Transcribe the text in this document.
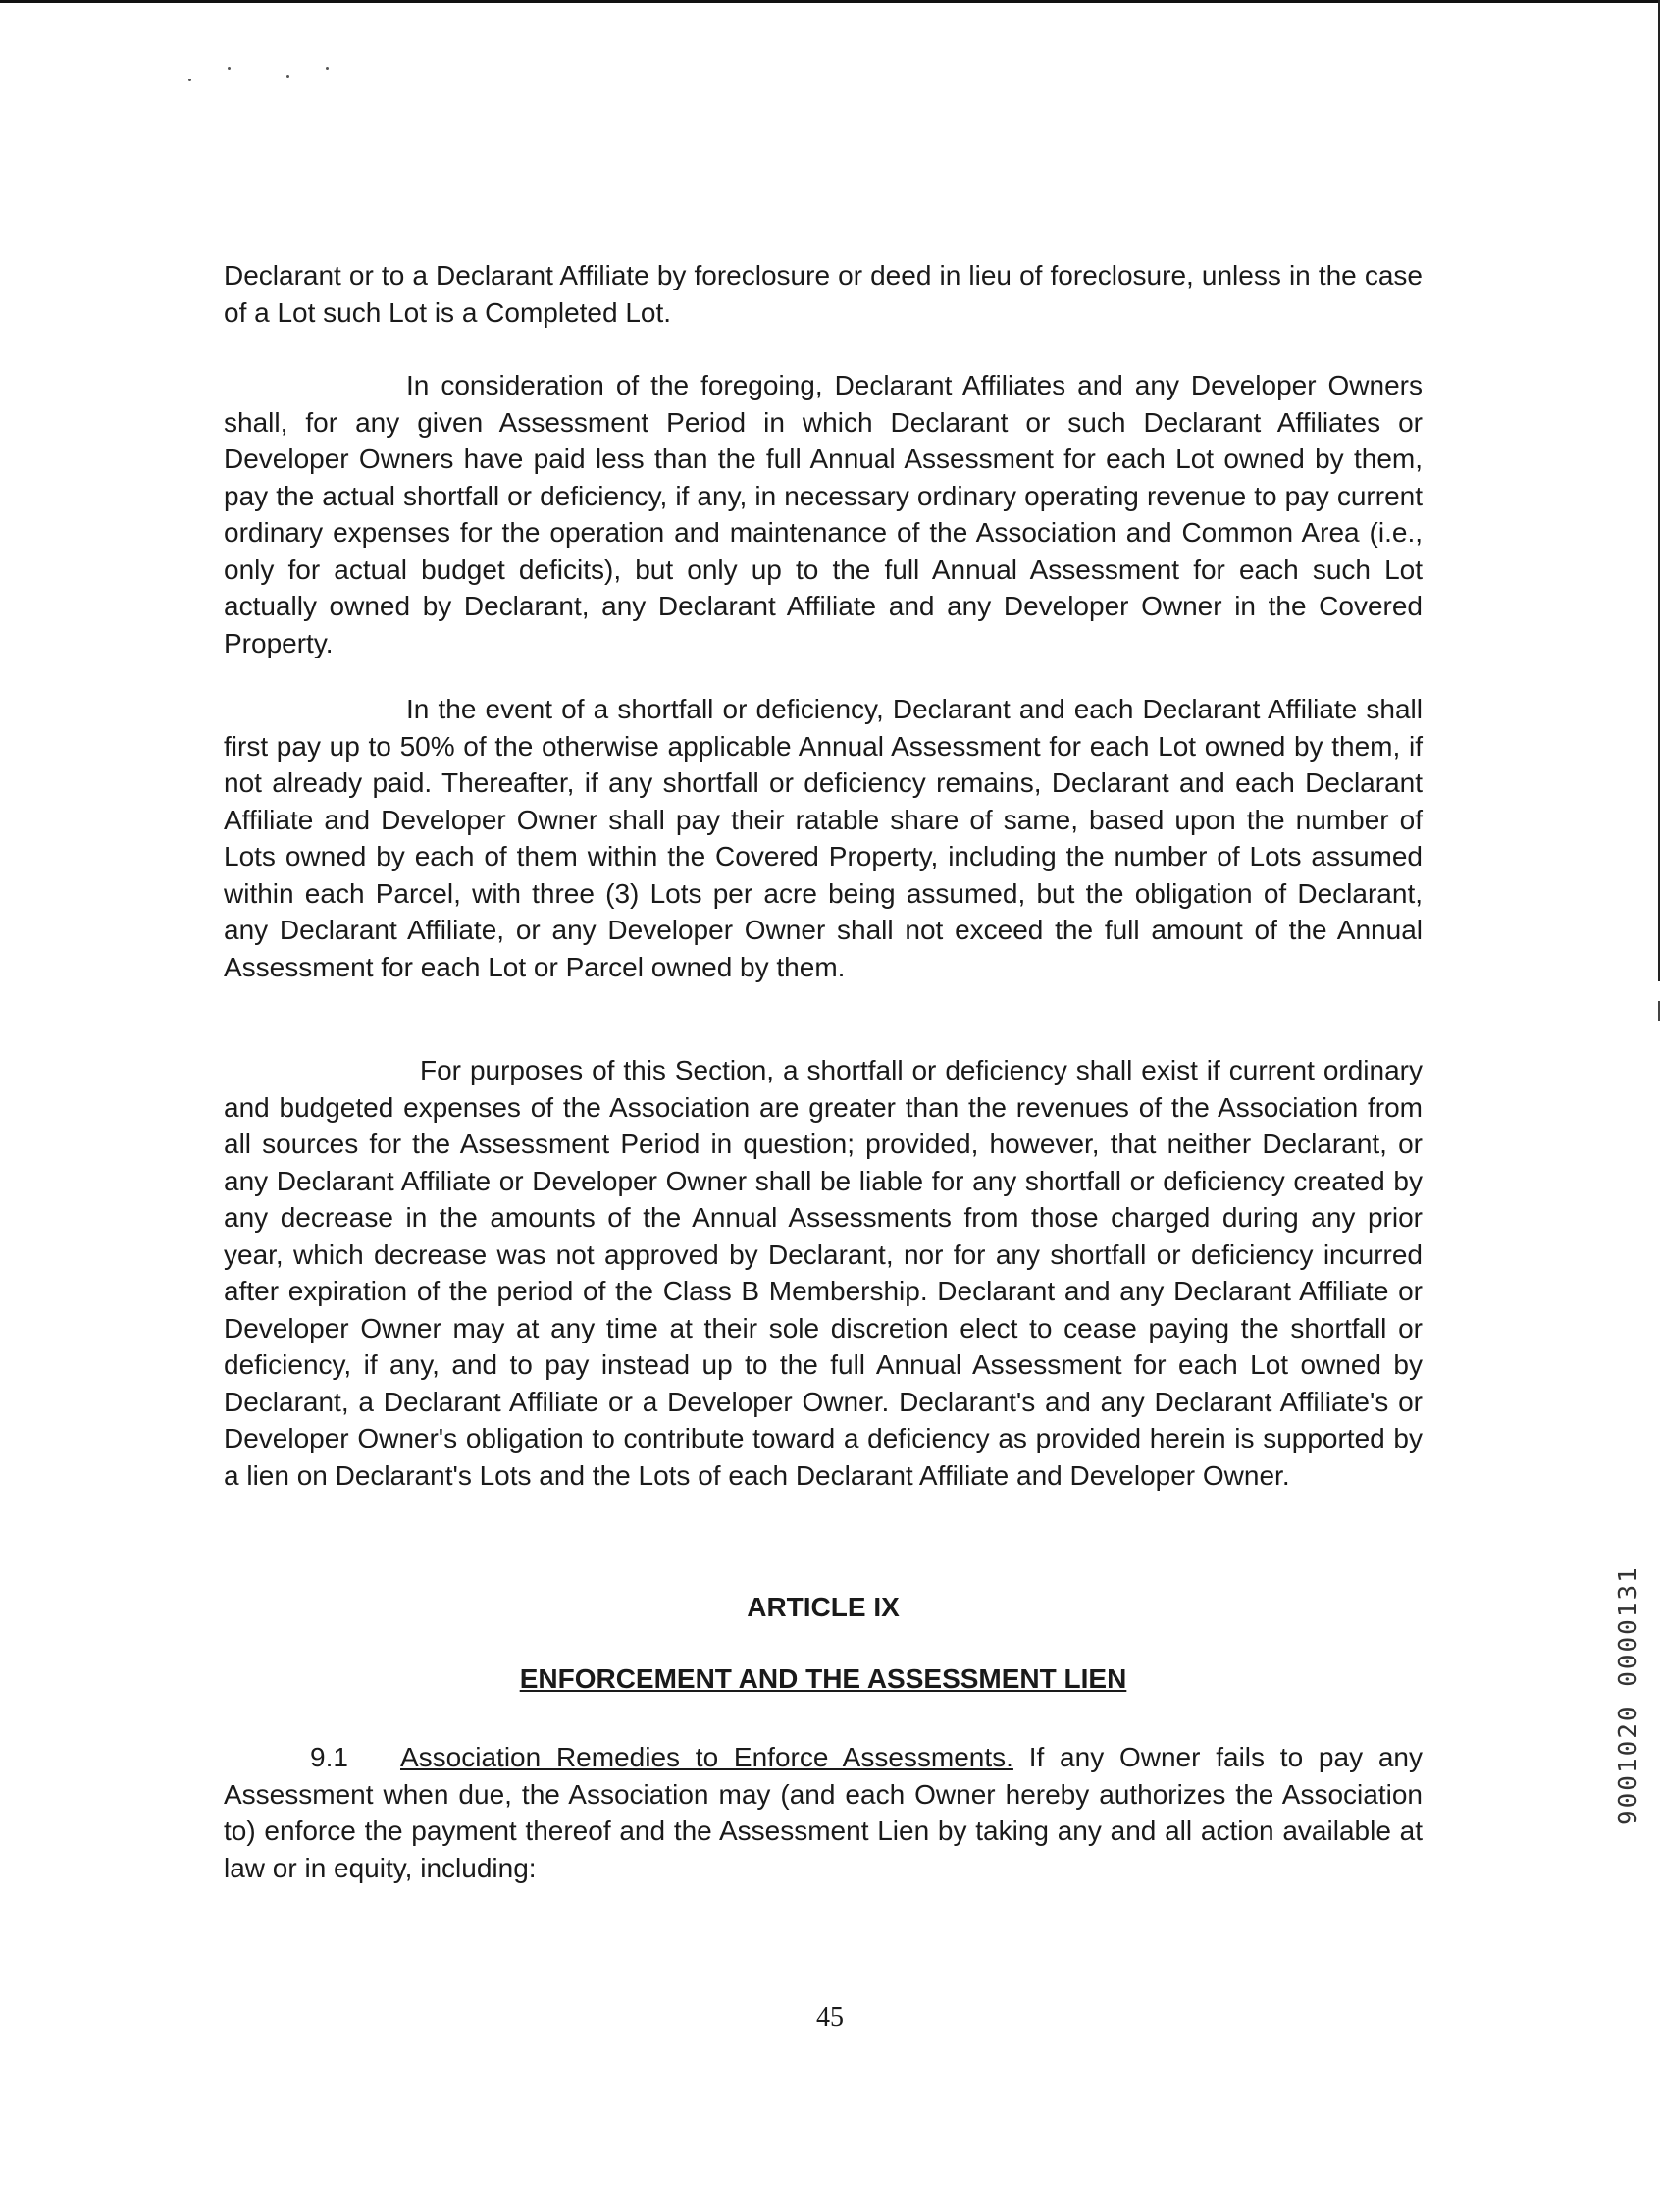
Declarant or to a Declarant Affiliate by foreclosure or deed in lieu of foreclosure, unless in the case of a Lot such Lot is a Completed Lot.

In consideration of the foregoing, Declarant Affiliates and any Developer Owners shall, for any given Assessment Period in which Declarant or such Declarant Affiliates or Developer Owners have paid less than the full Annual Assessment for each Lot owned by them, pay the actual shortfall or deficiency, if any, in necessary ordinary operating revenue to pay current ordinary expenses for the operation and maintenance of the Association and Common Area (i.e., only for actual budget deficits), but only up to the full Annual Assessment for each such Lot actually owned by Declarant, any Declarant Affiliate and any Developer Owner in the Covered Property.

In the event of a shortfall or deficiency, Declarant and each Declarant Affiliate shall first pay up to 50% of the otherwise applicable Annual Assessment for each Lot owned by them, if not already paid. Thereafter, if any shortfall or deficiency remains, Declarant and each Declarant Affiliate and Developer Owner shall pay their ratable share of same, based upon the number of Lots owned by each of them within the Covered Property, including the number of Lots assumed within each Parcel, with three (3) Lots per acre being assumed, but the obligation of Declarant, any Declarant Affiliate, or any Developer Owner shall not exceed the full amount of the Annual Assessment for each Lot or Parcel owned by them.

For purposes of this Section, a shortfall or deficiency shall exist if current ordinary and budgeted expenses of the Association are greater than the revenues of the Association from all sources for the Assessment Period in question; provided, however, that neither Declarant, or any Declarant Affiliate or Developer Owner shall be liable for any shortfall or deficiency created by any decrease in the amounts of the Annual Assessments from those charged during any prior year, which decrease was not approved by Declarant, nor for any shortfall or deficiency incurred after expiration of the period of the Class B Membership. Declarant and any Declarant Affiliate or Developer Owner may at any time at their sole discretion elect to cease paying the shortfall or deficiency, if any, and to pay instead up to the full Annual Assessment for each Lot owned by Declarant, a Declarant Affiliate or a Developer Owner. Declarant's and any Declarant Affiliate's or Developer Owner's obligation to contribute toward a deficiency as provided herein is supported by a lien on Declarant's Lots and the Lots of each Declarant Affiliate and Developer Owner.

ARTICLE IX
ENFORCEMENT AND THE ASSESSMENT LIEN

9.1 Association Remedies to Enforce Assessments. If any Owner fails to pay any Assessment when due, the Association may (and each Owner hereby authorizes the Association to) enforce the payment thereof and the Assessment Lien by taking any and all action available at law or in equity, including:

45
9001020 0000131
